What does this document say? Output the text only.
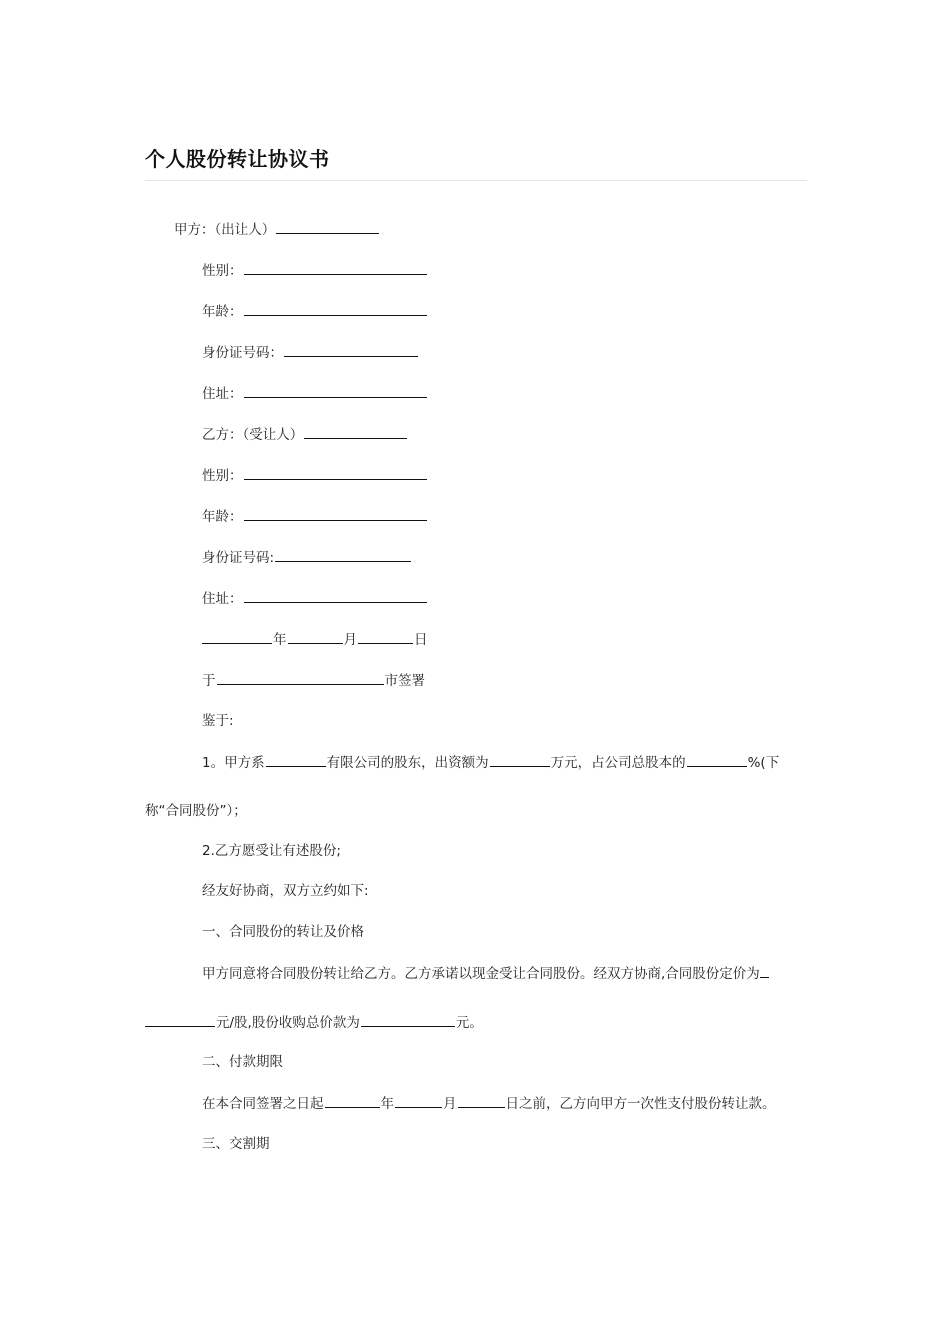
个人股份转让协议书
甲方：（出让人）
性别：
年龄：
身份证号码：
住址：
乙方：（受让人）
性别：
年龄：
身份证号码:
住址：
年	月	日
于	市签署
鉴于:
1。甲方系	有限公司的股东，出资额为	万元，占公司总股本的	%(下
称“合同股份”）；
2.乙方愿受让有述股份;
经友好协商，双方立约如下:
一、合同股份的转让及价格
甲方同意将合同股份转让给乙方。乙方承诺以现金受让合同股份。经双方协商,合同股份定价为
元/股,股份收购总价款为	元。
二、付款期限
在本合同签署之日起	年	月	日之前，乙方向甲方一次性支付股份转让款。
三、交割期
